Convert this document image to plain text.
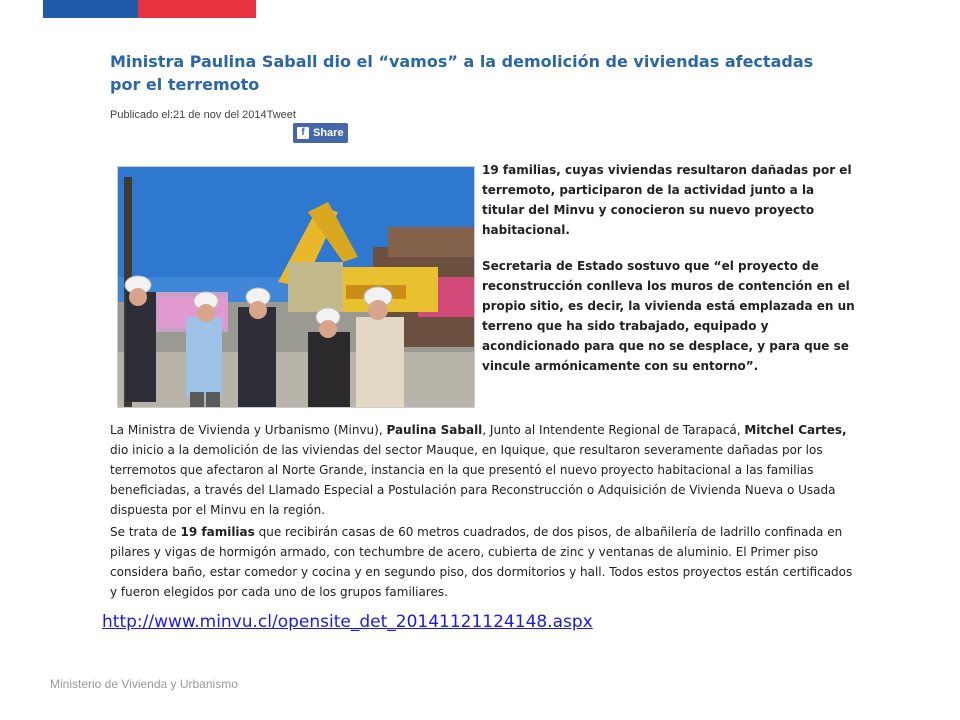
Ministra Paulina Saball dio el “vamos” a la demolición de viviendas afectadas por el terremoto
Publicado el:21 de nov del 2014Tweet
f Share

19 familias, cuyas viviendas resultaron dañadas por el terremoto, participaron de la actividad junto a la titular del Minvu y conocieron su nuevo proyecto habitacional.

Secretaria de Estado sostuvo que “el proyecto de reconstrucción conlleva los muros de contención en el propio sitio, es decir, la vivienda está emplazada en un terreno que ha sido trabajado, equipado y acondicionado para que no se desplace, y para que se vincule armónicamente con su entorno”.

La Ministra de Vivienda y Urbanismo (Minvu), Paulina Saball, Junto al Intendente Regional de Tarapacá, Mitchel Cartes, dio inicio a la demolición de las viviendas del sector Mauque, en Iquique, que resultaron severamente dañadas por los terremotos que afectaron al Norte Grande, instancia en la que presentó el nuevo proyecto habitacional a las familias beneficiadas, a través del Llamado Especial a Postulación para Reconstrucción o Adquisición de Vivienda Nueva o Usada dispuesta por el Minvu en la región.

Se trata de 19 familias que recibirán casas de 60 metros cuadrados, de dos pisos, de albañilería de ladrillo confinada en pilares y vigas de hormigón armado, con techumbre de acero, cubierta de zinc y ventanas de aluminio. El Primer piso considera baño, estar comedor y cocina y en segundo piso, dos dormitorios y hall. Todos estos proyectos están certificados y fueron elegidos por cada uno de los grupos familiares.

http://www.minvu.cl/opensite_det_20141121124148.aspx
Ministerio de Vivienda y Urbanismo
